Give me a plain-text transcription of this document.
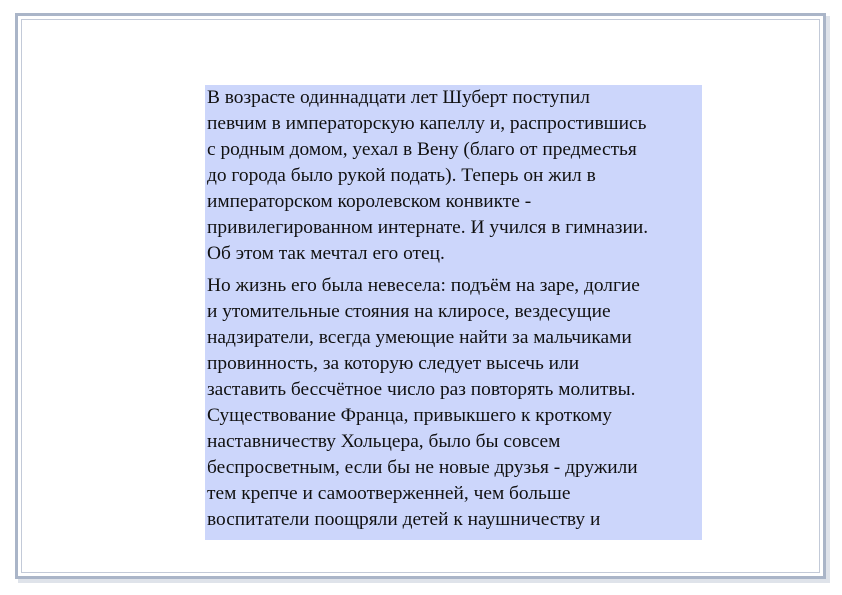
В возрасте одиннадцати лет Шуберт поступил
певчим в императорскую капеллу и, распростившись
с родным домом, уехал в Вену (благо от предместья
до города было рукой подать). Теперь он жил в
императорском королевском конвикте -
привилегированном интернате. И учился в гимназии.
Об этом так мечтал его отец.

Но жизнь его была невесела: подъём на заре, долгие
и утомительные стояния на клиросе, вездесущие
надзиратели, всегда умеющие найти за мальчиками
провинность, за которую следует высечь или
заставить бессчётное число раз повторять молитвы.
Существование Франца, привыкшего к кроткому
наставничеству Хольцера, было бы совсем
беспросветным, если бы не новые друзья - дружили
тем крепче и самоотверженней, чем больше
воспитатели поощряли детей к наушничеству и
